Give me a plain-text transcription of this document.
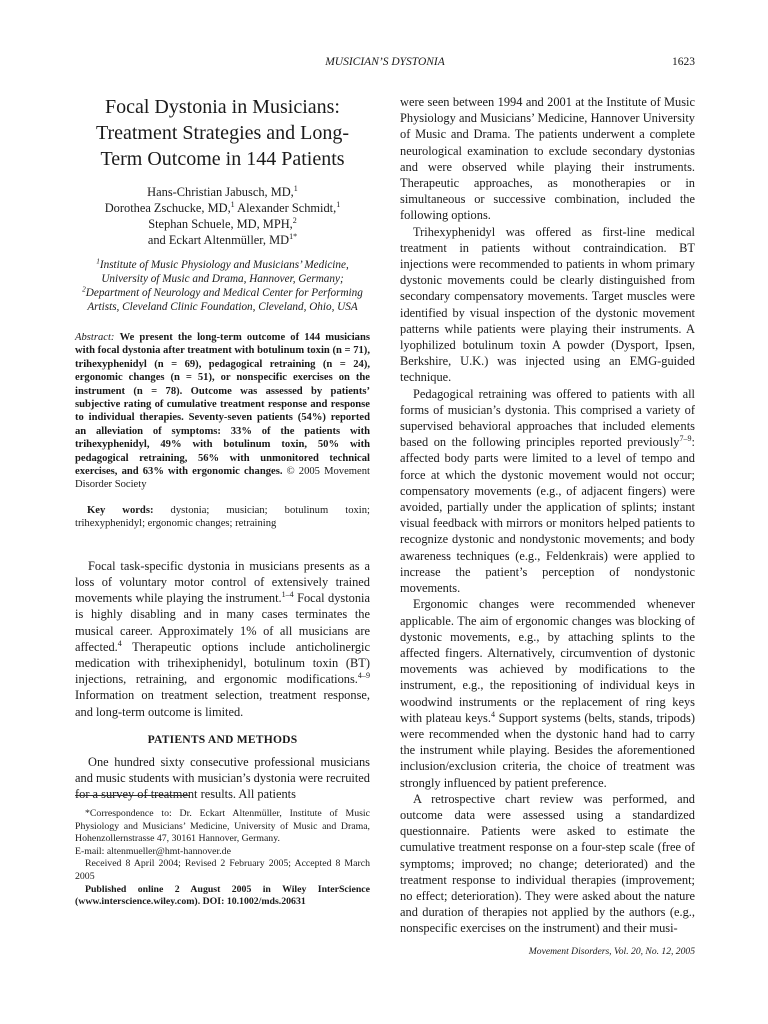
MUSICIAN’S DYSTONIA	1623
Focal Dystonia in Musicians: Treatment Strategies and Long-Term Outcome in 144 Patients
Hans-Christian Jabusch, MD,$^1$
Dorothea Zschucke, MD,$^1$ Alexander Schmidt,$^1$
Stephan Schuele, MD, MPH,$^2$
and Eckart Altenmüller, $MD^{1*}$
$^1$Institute of Music Physiology and Musicians’ Medicine, University of Music and Drama, Hannover, Germany; $^2$Department of Neurology and Medical Center for Performing Artists, Cleveland Clinic Foundation, Cleveland, Ohio, USA

Abstract: We present the long-term outcome of 144 musicians with focal dystonia after treatment with botulinum toxin (n = 71), trihexyphenidyl (n = 69), pedagogical retraining (n = 24), ergonomic changes (n = 51), or nonspecific exercises on the instrument (n = 78). Outcome was assessed by patients’ subjective rating of cumulative treatment response and response to individual therapies. Seventy-seven patients (54%) reported an alleviation of symptoms: 33% of the patients with trihexyphenidyl, 49% with botulinum toxin, 50% with pedagogical retraining, 56% with unmonitored technical exercises, and 63% with ergonomic changes. © 2005 Movement Disorder Society

Key words: dystonia; musician; botulinum toxin; trihexyphenidyl; ergonomic changes; retraining

Focal task-specific dystonia in musicians presents as a loss of voluntary motor control of extensively trained movements while playing the instrument.$^{1-4}$ Focal dystonia is highly disabling and in many cases terminates the musical career. Approximately 1% of all musicians are affected.$^4$ Therapeutic options include anticholinergic medication with trihexiphenidyl, botulinum toxin (BT) injections, retraining, and ergonomic modifications.$^{4-9}$ Information on treatment selection, treatment response, and long-term outcome is limited.

PATIENTS AND METHODS

One hundred sixty consecutive professional musicians and music students with musician’s dystonia were recruited for a survey of treatment results. All patients

*Correspondence to: Dr. Eckart Altenmüller, Institute of Music Physiology and Musicians’ Medicine, University of Music and Drama, Hohenzollernstrasse 47, 30161 Hannover, Germany.

E-mail: altenmueller@hmt-hannover.de

Received 8 April 2004; Revised 2 February 2005; Accepted 8 March 2005

Published online 2 August 2005 in Wiley InterScience (www.interscience.wiley.com). DOI: 10.1002/mds.20631

were seen between 1994 and 2001 at the Institute of Music Physiology and Musicians’ Medicine, Hannover University of Music and Drama. The patients underwent a complete neurological examination to exclude secondary dystonias and were observed while playing their instruments. Therapeutic approaches, as monotherapies or in simultaneous or successive combination, included the following options.

Trihexyphenidyl was offered as first-line medical treatment in patients without contraindication. BT injections were recommended to patients in whom primary dystonic movements could be clearly distinguished from secondary compensatory movements. Target muscles were identified by visual inspection of the dystonic movement patterns while patients were playing their instruments. A lyophilized botulinum toxin A powder (Dysport, Ipsen, Berkshire, U.K.) was injected using an EMG-guided technique.

Pedagogical retraining was offered to patients with all forms of musician’s dystonia. This comprised a variety of supervised behavioral approaches that included elements based on the following principles reported previously$^{7-9}$: affected body parts were limited to a level of tempo and force at which the dystonic movement would not occur; compensatory movements (e.g., of adjacent fingers) were avoided, partially under the application of splints; instant visual feedback with mirrors or monitors helped patients to recognize dystonic and nondystonic movements; and body awareness techniques (e.g., Feldenkrais) were applied to increase the patient’s perception of nondystonic movements.

Ergonomic changes were recommended whenever applicable. The aim of ergonomic changes was blocking of dystonic movements, e.g., by attaching splints to the affected fingers. Alternatively, circumvention of dystonic movements was achieved by modifications to the instrument, e.g., the repositioning of individual keys in woodwind instruments or the replacement of ring keys with plateau keys.$^4$ Support systems (belts, stands, tripods) were recommended when the dystonic hand had to carry the instrument while playing. Besides the aforementioned inclusion/exclusion criteria, the choice of treatment was strongly influenced by patient preference.

A retrospective chart review was performed, and outcome data were assessed using a standardized questionnaire. Patients were asked to estimate the cumulative treatment response on a four-step scale (free of symptoms; improved; no change; deteriorated) and the treatment response to individual therapies (improvement; no effect; deterioration). They were asked about the nature and duration of therapies not applied by the authors (e.g., nonspecific exercises on the instrument) and their musi-

Movement Disorders, Vol. 20, No. 12, 2005
